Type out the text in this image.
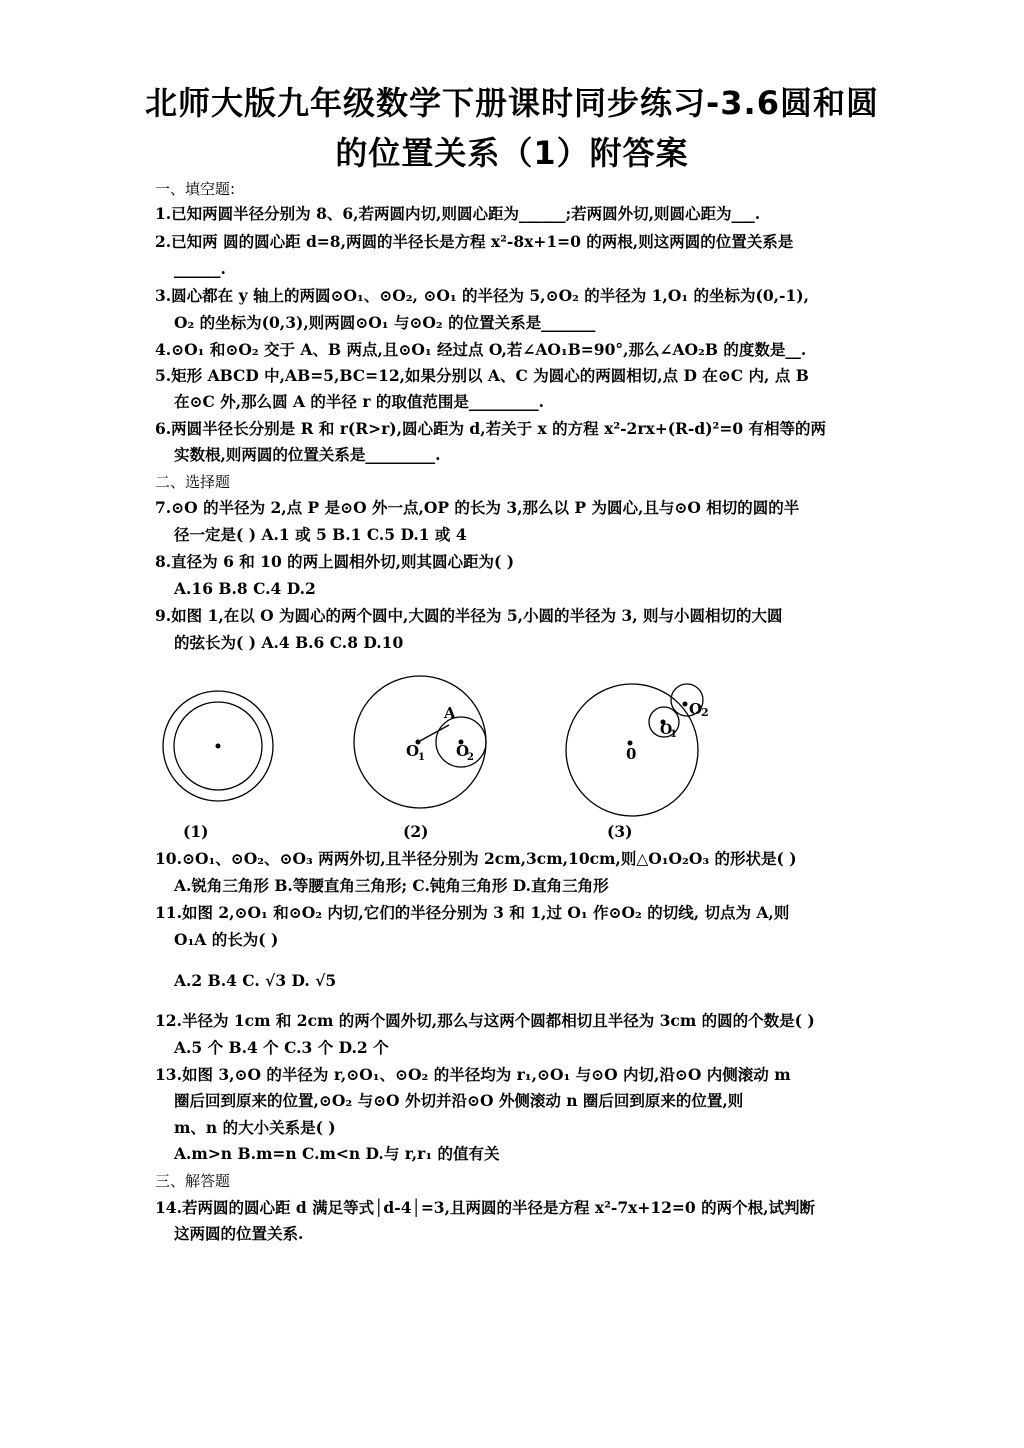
北师大版九年级数学下册课时同步练习-3.6圆和圆
的位置关系（1）附答案
一、填空题:
1.已知两圆半径分别为 8、6,若两圆内切,则圆心距为______;若两圆外切,则圆心距为___.
2.已知两 圆的圆心距 d=8,两圆的半径长是方程 x²-8x+1=0 的两根,则这两圆的位置关系是
______.
3.圆心都在 y 轴上的两圆⊙O₁、⊙O₂, ⊙O₁ 的半径为 5,⊙O₂ 的半径为 1,O₁ 的坐标为(0,-1),
O₂ 的坐标为(0,3),则两圆⊙O₁ 与⊙O₂ 的位置关系是_______
4.⊙O₁ 和⊙O₂ 交于 A、B 两点,且⊙O₁ 经过点 O,若∠AO₁B=90°,那么∠AO₂B 的度数是__.
5.矩形 ABCD 中,AB=5,BC=12,如果分别以 A、C 为圆心的两圆相切,点 D 在⊙C 内, 点 B
在⊙C 外,那么圆 A 的半径 r 的取值范围是_________.
6.两圆半径长分别是 R 和 r(R>r),圆心距为 d,若关于 x 的方程 x²-2rx+(R-d)²=0 有相等的两
实数根,则两圆的位置关系是_________.
二、选择题
7.⊙O 的半径为 2,点 P 是⊙O 外一点,OP 的长为 3,那么以 P 为圆心,且与⊙O 相切的圆的半
径一定是( ) A.1 或 5 B.1 C.5 D.1 或 4
8.直径为 6 和 10 的两上圆相外切,则其圆心距为( )
A.16 B.8 C.4 D.2
9.如图 1,在以 O 为圆心的两个圆中,大圆的半径为 5,小圆的半径为 3, 则与小圆相切的大圆
的弦长为( ) A.4 B.6 C.8 D.10
A
O
1 O
2	0
O
1
O
2
(1)	(2)	(3)
10.⊙O₁、⊙O₂、⊙O₃ 两两外切,且半径分别为 2cm,3cm,10cm,则△O₁O₂O₃ 的形状是( )
A.锐角三角形 B.等腰直角三角形; C.钝角三角形 D.直角三角形
11.如图 2,⊙O₁ 和⊙O₂ 内切,它们的半径分别为 3 和 1,过 O₁ 作⊙O₂ 的切线, 切点为 A,则
O₁A 的长为( )
A.2 B.4 C. √3 D. √5
12.半径为 1cm 和 2cm 的两个圆外切,那么与这两个圆都相切且半径为 3cm 的圆的个数是( )
A.5 个 B.4 个 C.3 个 D.2 个
13.如图 3,⊙O 的半径为 r,⊙O₁、⊙O₂ 的半径均为 r₁,⊙O₁ 与⊙O 内切,沿⊙O 内侧滚动 m
圈后回到原来的位置,⊙O₂ 与⊙O 外切并沿⊙O 外侧滚动 n 圈后回到原来的位置,则
m、n 的大小关系是( )
A.m>n B.m=n C.m<n D.与 r,r₁ 的值有关
三、解答题
14.若两圆的圆心距 d 满足等式│d-4│=3,且两圆的半径是方程 x²-7x+12=0 的两个根,试判断
这两圆的位置关系.
